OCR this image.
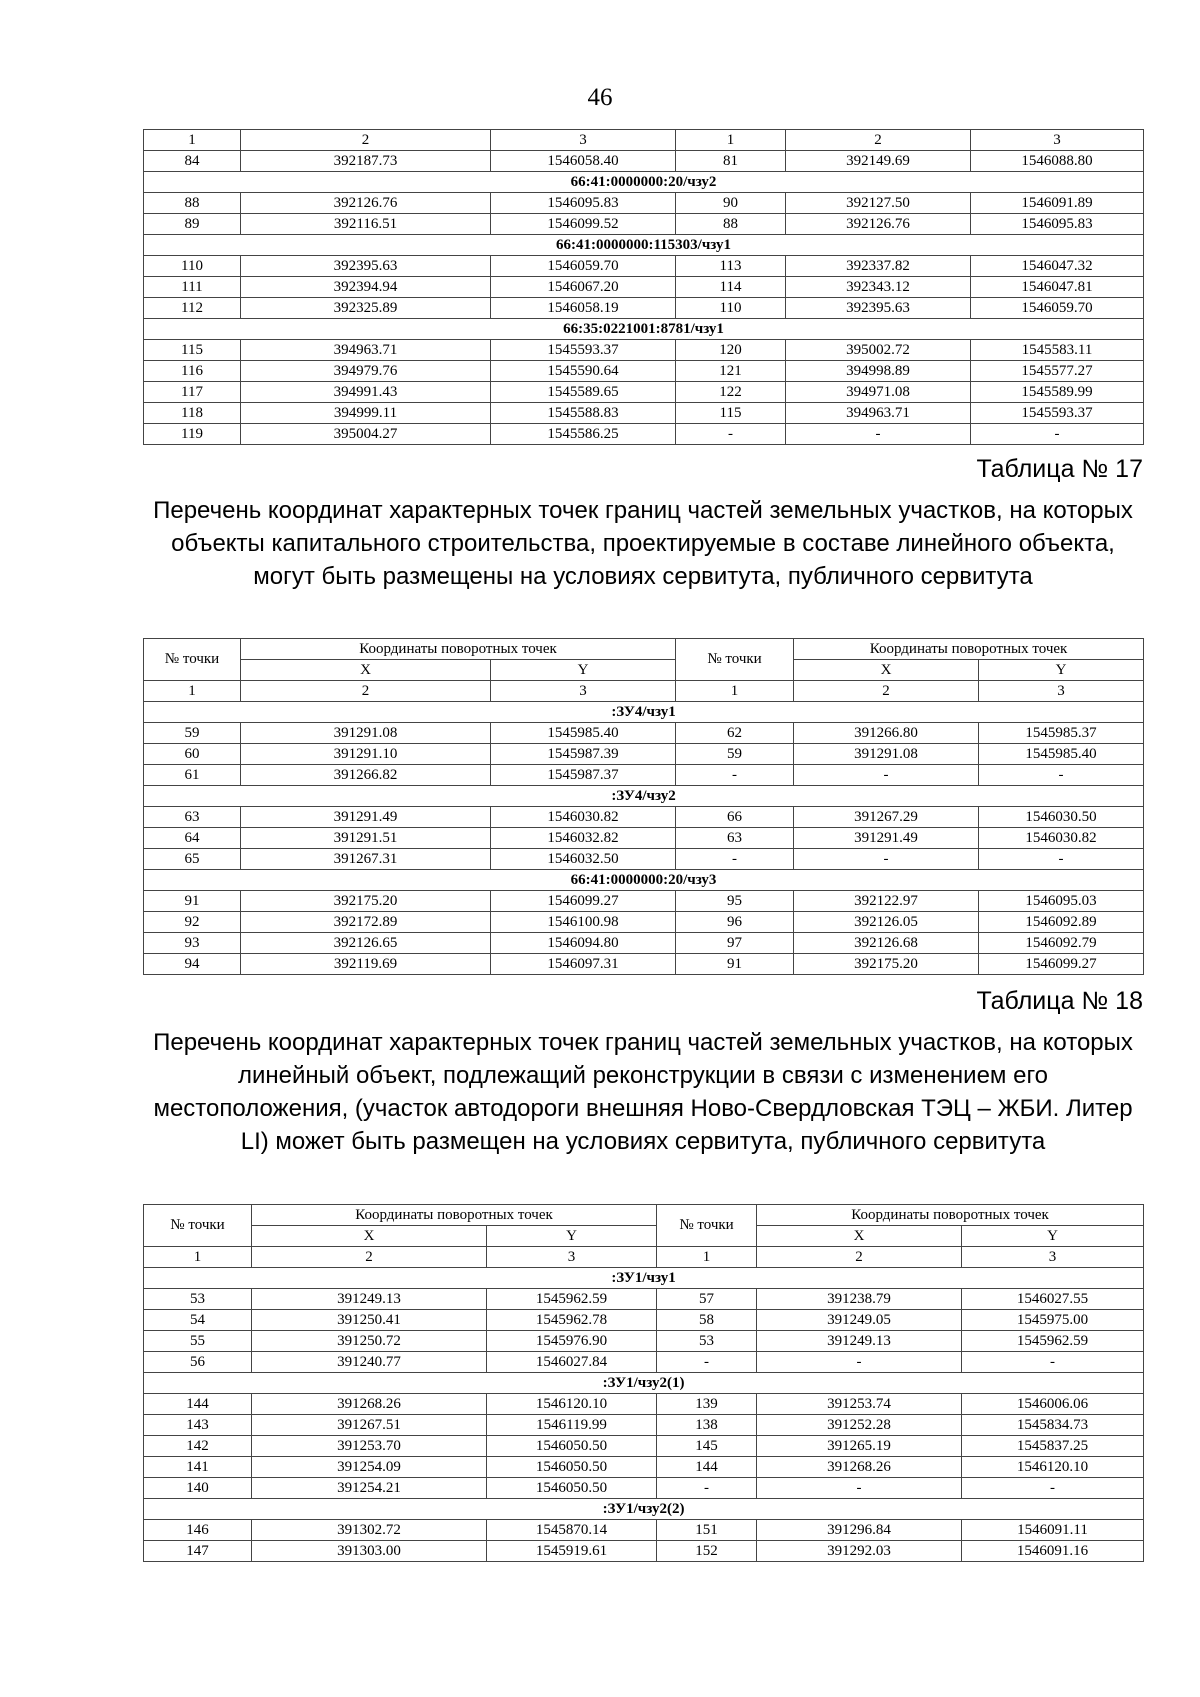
46
1	2	3	1	2	3
84	392187.73	1546058.40	81	392149.69	1546088.80
66:41:0000000:20/чзу2					
88	392126.76	1546095.83	90	392127.50	1546091.89
89	392116.51	1546099.52	88	392126.76	1546095.83
66:41:0000000:115303/чзу1					
110	392395.63	1546059.70	113	392337.82	1546047.32
111	392394.94	1546067.20	114	392343.12	1546047.81
112	392325.89	1546058.19	110	392395.63	1546059.70
66:35:0221001:8781/чзу1					
115	394963.71	1545593.37	120	395002.72	1545583.11
116	394979.76	1545590.64	121	394998.89	1545577.27
117	394991.43	1545589.65	122	394971.08	1545589.99
118	394999.11	1545588.83	115	394963.71	1545593.37
119	395004.27	1545586.25	-	-	-
Таблица № 17
Перечень координат характерных точек границ частей земельных участков, на которых объекты капитального строительства, проектируемые в составе линейного объекта, могут быть размещены на условиях сервитута, публичного сервитута
№ точки	Координаты поворотных точек		№ точки	Координаты поворотных точек	
	X	Y		X	Y
1	2	3	1	2	3
:ЗУ4/чзу1					
59	391291.08	1545985.40	62	391266.80	1545985.37
60	391291.10	1545987.39	59	391291.08	1545985.40
61	391266.82	1545987.37	-	-	-
:ЗУ4/чзу2					
63	391291.49	1546030.82	66	391267.29	1546030.50
64	391291.51	1546032.82	63	391291.49	1546030.82
65	391267.31	1546032.50	-	-	-
66:41:0000000:20/чзу3					
91	392175.20	1546099.27	95	392122.97	1546095.03
92	392172.89	1546100.98	96	392126.05	1546092.89
93	392126.65	1546094.80	97	392126.68	1546092.79
94	392119.69	1546097.31	91	392175.20	1546099.27
Таблица № 18
Перечень координат характерных точек границ частей земельных участков, на которых линейный объект, подлежащий реконструкции в связи с изменением его местоположения, (участок автодороги внешняя Ново-Свердловская ТЭЦ – ЖБИ. Литер LI) может быть размещен на условиях сервитута, публичного сервитута
№ точки	Координаты поворотных точек		№ точки	Координаты поворотных точек	
	X	Y		X	Y
1	2	3	1	2	3
:ЗУ1/чзу1					
53	391249.13	1545962.59	57	391238.79	1546027.55
54	391250.41	1545962.78	58	391249.05	1545975.00
55	391250.72	1545976.90	53	391249.13	1545962.59
56	391240.77	1546027.84	-	-	-
:ЗУ1/чзу2(1)					
144	391268.26	1546120.10	139	391253.74	1546006.06
143	391267.51	1546119.99	138	391252.28	1545834.73
142	391253.70	1546050.50	145	391265.19	1545837.25
141	391254.09	1546050.50	144	391268.26	1546120.10
140	391254.21	1546050.50	-	-	-
:ЗУ1/чзу2(2)					
146	391302.72	1545870.14	151	391296.84	1546091.11
147	391303.00	1545919.61	152	391292.03	1546091.16
